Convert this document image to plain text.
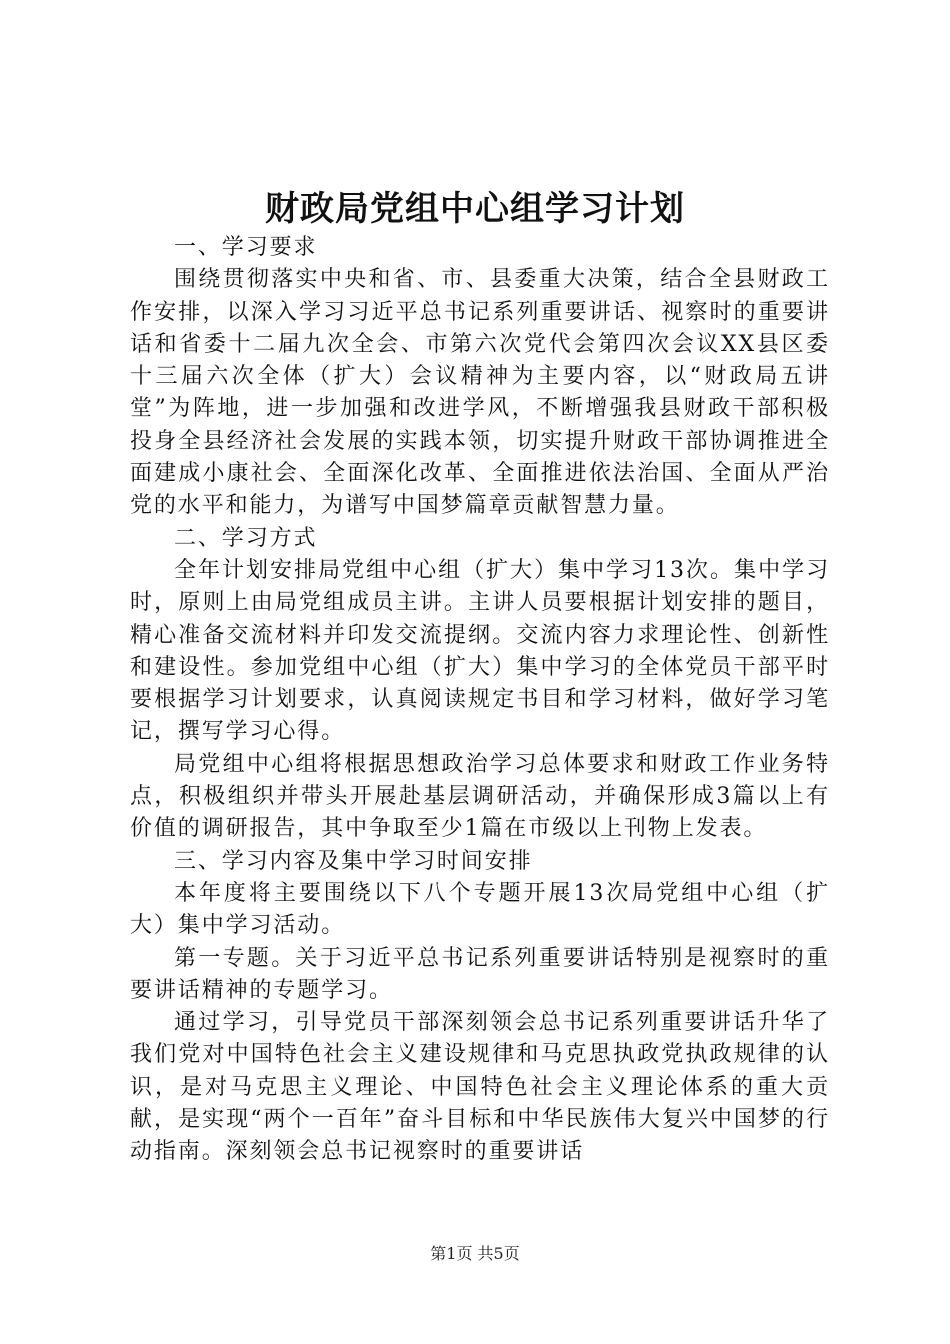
财政局党组中心组学习计划

一、学习要求

围绕贯彻落实中央和省、市、县委重大决策，结合全县财政工作安排，以深入学习习近平总书记系列重要讲话、视察时的重要讲话和省委十二届九次全会、市第六次党代会第四次会议XX县区委十三届六次全体（扩大）会议精神为主要内容，以“财政局五讲堂”为阵地，进一步加强和改进学风，不断增强我县财政干部积极投身全县经济社会发展的实践本领，切实提升财政干部协调推进全面建成小康社会、全面深化改革、全面推进依法治国、全面从严治党的水平和能力，为谱写中国梦篇章贡献智慧力量。

二、学习方式

全年计划安排局党组中心组（扩大）集中学习13次。集中学习时，原则上由局党组成员主讲。主讲人员要根据计划安排的题目，精心准备交流材料并印发交流提纲。交流内容力求理论性、创新性和建设性。参加党组中心组（扩大）集中学习的全体党员干部平时要根据学习计划要求，认真阅读规定书目和学习材料，做好学习笔记，撰写学习心得。

局党组中心组将根据思想政治学习总体要求和财政工作业务特点，积极组织并带头开展赴基层调研活动，并确保形成3篇以上有价值的调研报告，其中争取至少1篇在市级以上刊物上发表。

三、学习内容及集中学习时间安排

本年度将主要围绕以下八个专题开展13次局党组中心组（扩大）集中学习活动。

第一专题。关于习近平总书记系列重要讲话特别是视察时的重要讲话精神的专题学习。

通过学习，引导党员干部深刻领会总书记系列重要讲话升华了我们党对中国特色社会主义建设规律和马克思执政党执政规律的认识，是对马克思主义理论、中国特色社会主义理论体系的重大贡献，是实现“两个一百年”奋斗目标和中华民族伟大复兴中国梦的行动指南。深刻领会总书记视察时的重要讲话

第1页 共5页
